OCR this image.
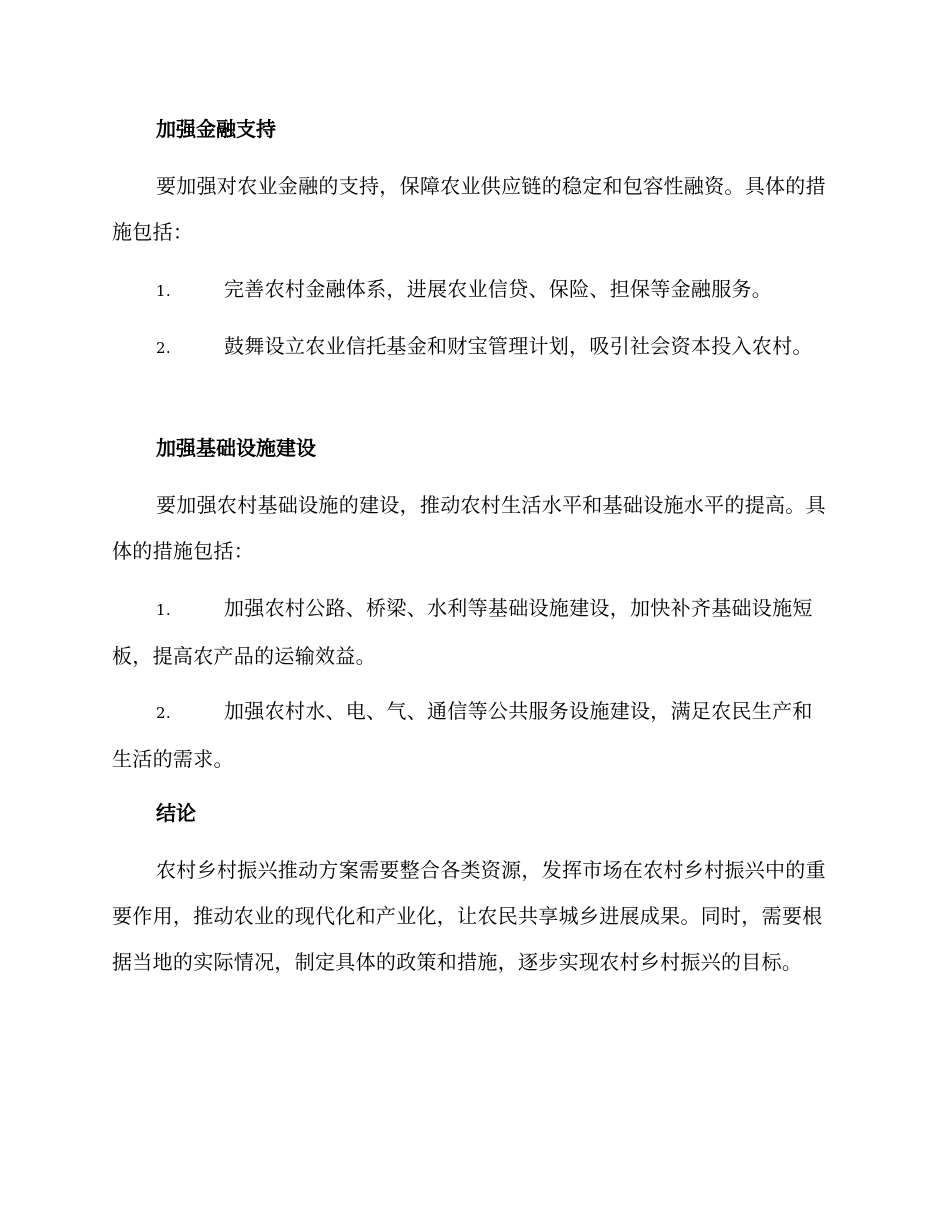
加强金融支持
要加强对农业金融的支持，保障农业供应链的稳定和包容性融资。具体的措施包括：
1.	完善农村金融体系，进展农业信贷、保险、担保等金融服务。
2.	鼓舞设立农业信托基金和财宝管理计划，吸引社会资本投入农村。
加强基础设施建设
要加强农村基础设施的建设，推动农村生活水平和基础设施水平的提高。具体的措施包括：
1.	加强农村公路、桥梁、水利等基础设施建设，加快补齐基础设施短板，提高农产品的运输效益。
2.	加强农村水、电、气、通信等公共服务设施建设，满足农民生产和生活的需求。
结论
农村乡村振兴推动方案需要整合各类资源，发挥市场在农村乡村振兴中的重要作用，推动农业的现代化和产业化，让农民共享城乡进展成果。同时，需要根据当地的实际情况，制定具体的政策和措施，逐步实现农村乡村振兴的目标。
